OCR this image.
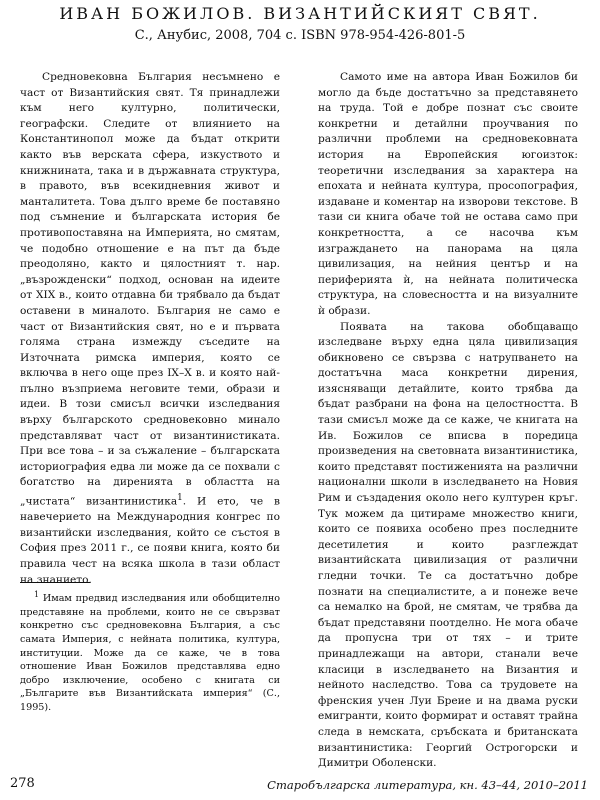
ИВАН БОЖИЛОВ. ВИЗАНТИЙСКИЯТ СВЯТ.
С., Анубис, 2008, 704 с. ISBN 978-954-426-801-5

Средновековна България несъмнено е част от Византийския свят. Тя принадлежи към него културно, политически, географски. Следите от влиянието на Константинопол може да бъдат открити както във верската сфера, изкуството и книжнината, така и в държавната структура, в правото, във всекидневния живот и манталитета. Това дълго време бе поставяно под съмнение и българската история бе противопоставяна на Империята, но смятам, че подобно отношение е на път да бъде преодоляно, както и цялостният т. нар. „възрожденски“ подход, основан на идеите от XIX в., които отдавна би трябвало да бъдат оставени в миналото. България не само е част от Византийския свят, но е и първата голяма страна измежду съседите на Източната римска империя, която се включва в него още през IX–X в. и която най-пълно възприема неговите теми, образи и идеи. В този смисъл всички изследвания върху българското средновековно минало представляват част от византинистиката. При все това – и за съжаление – българската историография едва ли може да се похвали с богатство на диренията в областта на „чистата“ византинистика$^1$. И ето, че в навечерието на Международния конгрес по византийски изследвания, който се състоя в София през 2011 г., се появи книга, която би правила чест на всяка школа в тази област на знанието.

$^1$ Имам предвид изследвания или обобщително представяне на проблеми, които не се свързват конкретно със средновековна България, а със самата Империя, с нейната политика, култура, институции. Може да се каже, че в това отношение Иван Божилов представлява едно добро изключение, особено с книгата си „Българите във Византийската империя“ (С., 1995).

Самото име на автора Иван Божилов би могло да бъде достатъчно за представянето на труда. Той е добре познат със своите конкретни и детайлни проучвания по различни проблеми на средновековната история на Европейския югоизток: теоретични изследвания за характера на епохата и нейната култура, просопография, издаване и коментар на изворови текстове. В тази си книга обаче той не остава само при конкретността, а се насочва към изграждането на панорама на цяла цивилизация, на нейния център и на периферията ѝ, на нейната политическа структура, на словесността и на визуалните ѝ образи.

Появата на такова обобщаващо изследване върху една цяла цивилизация обикновено се свързва с натрупването на достатъчна маса конкретни дирения, изясняващи детайлите, които трябва да бъдат разбрани на фона на целостността. В тази смисъл може да се каже, че книгата на Ив. Божилов се вписва в поредица произведения на световната византинистика, които представят постиженията на различни национални школи в изследването на Новия Рим и създадения около него културен кръг. Тук можем да цитираме множество книги, които се появиха особено през последните десетилетия и които разглеждат византийската цивилизация от различни гледни точки. Те са достатъчно добре познати на специалистите, а и понеже вече са немалко на брой, не смятам, че трябва да бъдат представяни поотделно. Не мога обаче да пропусна три от тях – и трите принадлежащи на автори, станали вече класици в изследването на Византия и нейното наследство. Това са трудовете на френския учен Луи Бреие и на двама руски емигранти, които формират и оставят трайна следа в немската, сръбската и британската византинистика: Георгий Острогорски и Димитри Оболенски.

278	Старобългарска литература, кн. 43–44, 2010–2011
